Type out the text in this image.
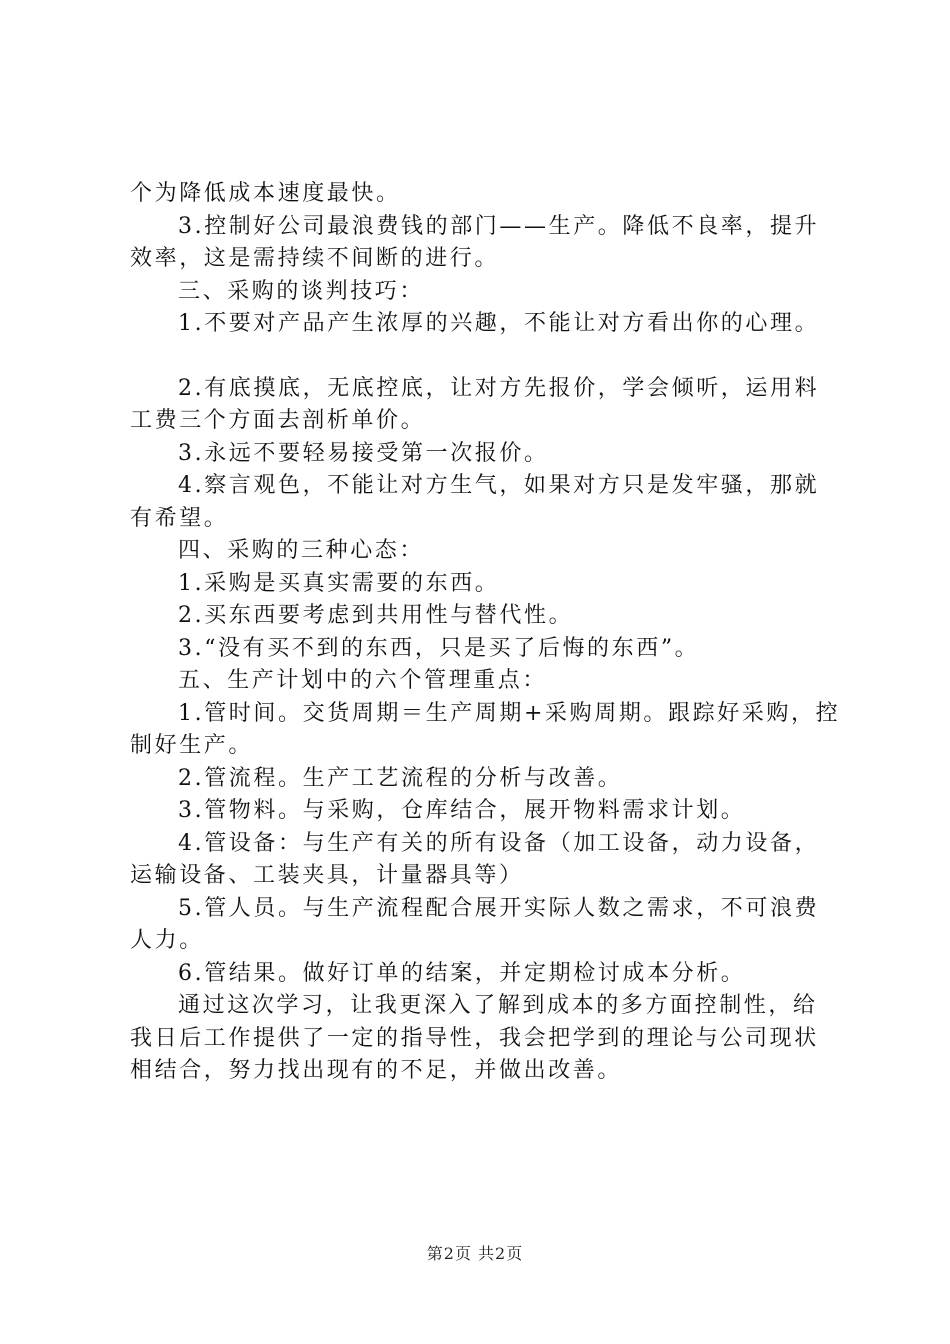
个为降低成本速度最快。

3.控制好公司最浪费钱的部门——生产。降低不良率，提升效率，这是需持续不间断的进行。

三、采购的谈判技巧：

1.不要对产品产生浓厚的兴趣，不能让对方看出你的心理。

2.有底摸底，无底控底，让对方先报价，学会倾听，运用料工费三个方面去剖析单价。

3.永远不要轻易接受第一次报价。

4.察言观色，不能让对方生气，如果对方只是发牢骚，那就有希望。

四、采购的三种心态：

1.采购是买真实需要的东西。

2.买东西要考虑到共用性与替代性。

3.“没有买不到的东西，只是买了后悔的东西”。

五、生产计划中的六个管理重点：

1.管时间。交货周期＝生产周期+采购周期。跟踪好采购，控制好生产。

2.管流程。生产工艺流程的分析与改善。

3.管物料。与采购，仓库结合，展开物料需求计划。

4.管设备：与生产有关的所有设备（加工设备，动力设备，运输设备、工装夹具，计量器具等）

5.管人员。与生产流程配合展开实际人数之需求，不可浪费人力。

6.管结果。做好订单的结案，并定期检讨成本分析。

通过这次学习，让我更深入了解到成本的多方面控制性，给我日后工作提供了一定的指导性，我会把学到的理论与公司现状相结合，努力找出现有的不足，并做出改善。

第2页 共2页
